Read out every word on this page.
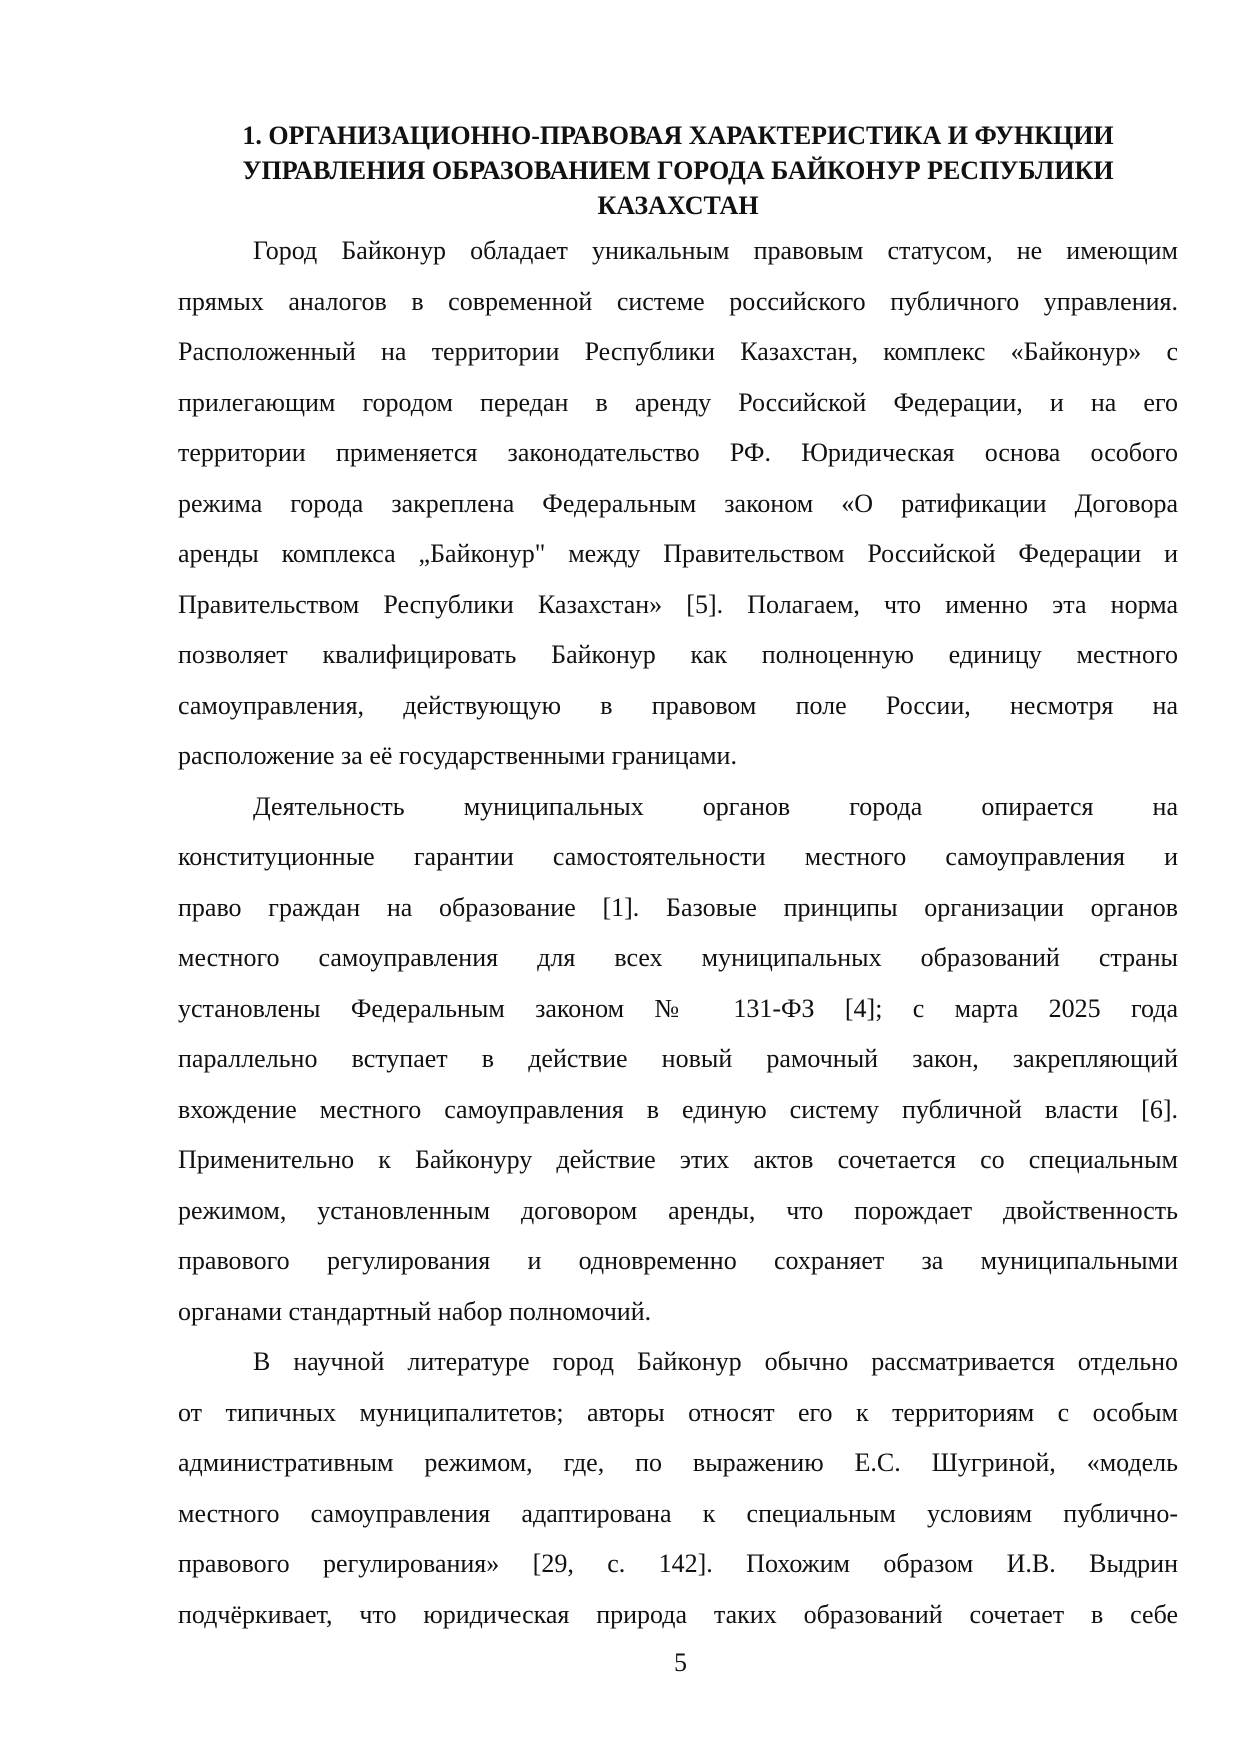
1. ОРГАНИЗАЦИОННО-ПРАВОВАЯ ХАРАКТЕРИСТИКА И ФУНКЦИИ
УПРАВЛЕНИЯ ОБРАЗОВАНИЕМ ГОРОДА БАЙКОНУР РЕСПУБЛИКИ
КАЗАХСТАН

Город Байконур обладает уникальным правовым статусом, не имеющим
прямых аналогов в современной системе российского публичного управления.
Расположенный на территории Республики Казахстан, комплекс «Байконур» с
прилегающим городом передан в аренду Российской Федерации, и на его
территории применяется законодательство РФ. Юридическая основа особого
режима города закреплена Федеральным законом «О ратификации Договора
аренды комплекса „Байконур" между Правительством Российской Федерации и
Правительством Республики Казахстан» [5]. Полагаем, что именно эта норма
позволяет квалифицировать Байконур как полноценную единицу местного
самоуправления, действующую в правовом поле России, несмотря на
расположение за её государственными границами.

Деятельность муниципальных органов города опирается на
конституционные гарантии самостоятельности местного самоуправления и
право граждан на образование [1]. Базовые принципы организации органов
местного самоуправления для всех муниципальных образований страны
установлены Федеральным законом № 131-ФЗ [4]; с марта 2025 года
параллельно вступает в действие новый рамочный закон, закрепляющий
вхождение местного самоуправления в единую систему публичной власти [6].
Применительно к Байконуру действие этих актов сочетается со специальным
режимом, установленным договором аренды, что порождает двойственность
правового регулирования и одновременно сохраняет за муниципальными
органами стандартный набор полномочий.

В научной литературе город Байконур обычно рассматривается отдельно
от типичных муниципалитетов; авторы относят его к территориям с особым
административным режимом, где, по выражению Е.С. Шугриной, «модель
местного самоуправления адаптирована к специальным условиям публично-
правового регулирования» [29, с. 142]. Похожим образом И.В. Выдрин
подчёркивает, что юридическая природа таких образований сочетает в себе

5
